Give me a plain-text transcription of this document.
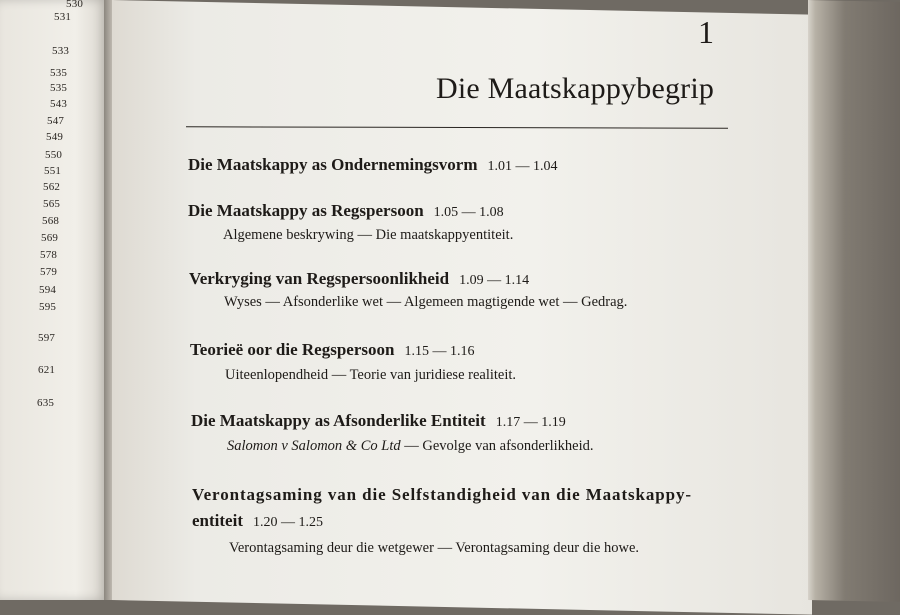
530
531
533
535
535
543
547
549
550
551
562
565
568
569
578
579
594
595
597
621
635
1
Die Maatskappybegrip
Die Maatskappy as Ondernemingsvorm 1.01 — 1.04
Die Maatskappy as Regspersoon 1.05 — 1.08
Algemene beskrywing — Die maatskappyentiteit.
Verkryging van Regspersoonlikheid 1.09 — 1.14
Wyses — Afsonderlike wet — Algemeen magtigende wet — Gedrag.
Teorieë oor die Regspersoon 1.15 — 1.16
Uiteenlopendheid — Teorie van juridiese realiteit.
Die Maatskappy as Afsonderlike Entiteit 1.17 — 1.19
Salomon v Salomon & Co Ltd — Gevolge van afsonderlikheid.
Verontagsaming van die Selfstandigheid van die Maatskappy-
entiteit 1.20 — 1.25
Verontagsaming deur die wetgewer — Verontagsaming deur die howe.
